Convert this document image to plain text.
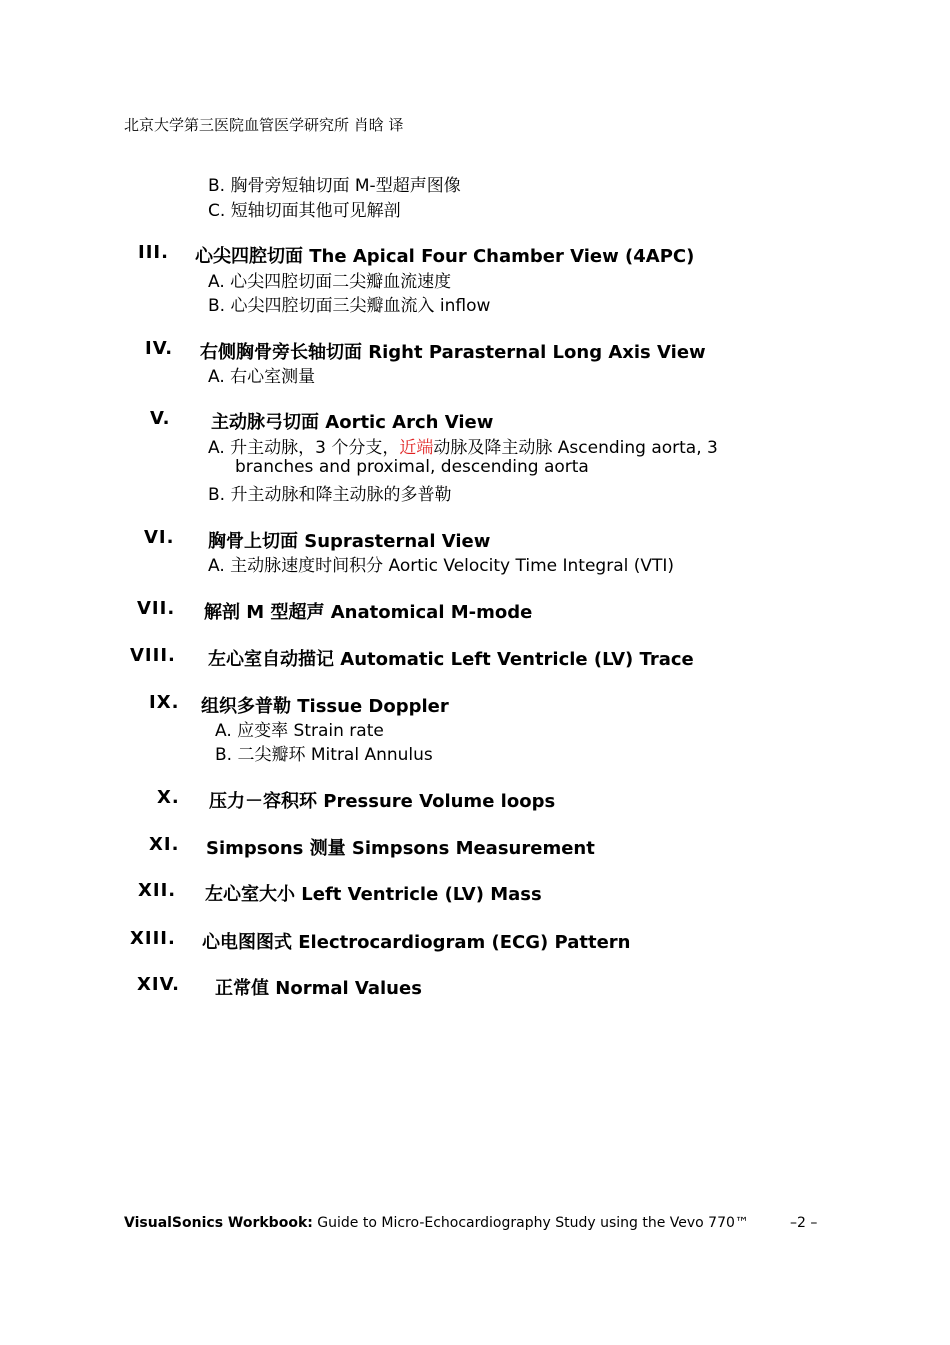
北京大学第三医院血管医学研究所 肖晗 译
B. 胸骨旁短轴切面 M-型超声图像
C. 短轴切面其他可见解剖
III. 心尖四腔切面 The Apical Four Chamber View (4APC)
A. 心尖四腔切面二尖瓣血流速度
B. 心尖四腔切面三尖瓣血流入 inflow
IV. 右侧胸骨旁长轴切面 Right Parasternal Long Axis View
A. 右心室测量
V. 主动脉弓切面 Aortic Arch View
A. 升主动脉，3 个分支，近端动脉及降主动脉 Ascending aorta, 3
branches and proximal, descending aorta
B. 升主动脉和降主动脉的多普勒
VI. 胸骨上切面 Suprasternal View
A. 主动脉速度时间积分 Aortic Velocity Time Integral (VTI)
VII. 解剖 M 型超声 Anatomical M-mode
VIII. 左心室自动描记 Automatic Left Ventricle (LV) Trace
IX. 组织多普勒 Tissue Doppler
A. 应变率 Strain rate
B. 二尖瓣环 Mitral Annulus
X. 压力－容积环 Pressure Volume loops
XI. Simpsons 测量 Simpsons Measurement
XII. 左心室大小 Left Ventricle (LV) Mass
XIII. 心电图图式 Electrocardiogram (ECG) Pattern
XIV. 正常值 Normal Values
VisualSonics Workbook: Guide to Micro-Echocardiography Study using the Vevo 770™	–2 –
